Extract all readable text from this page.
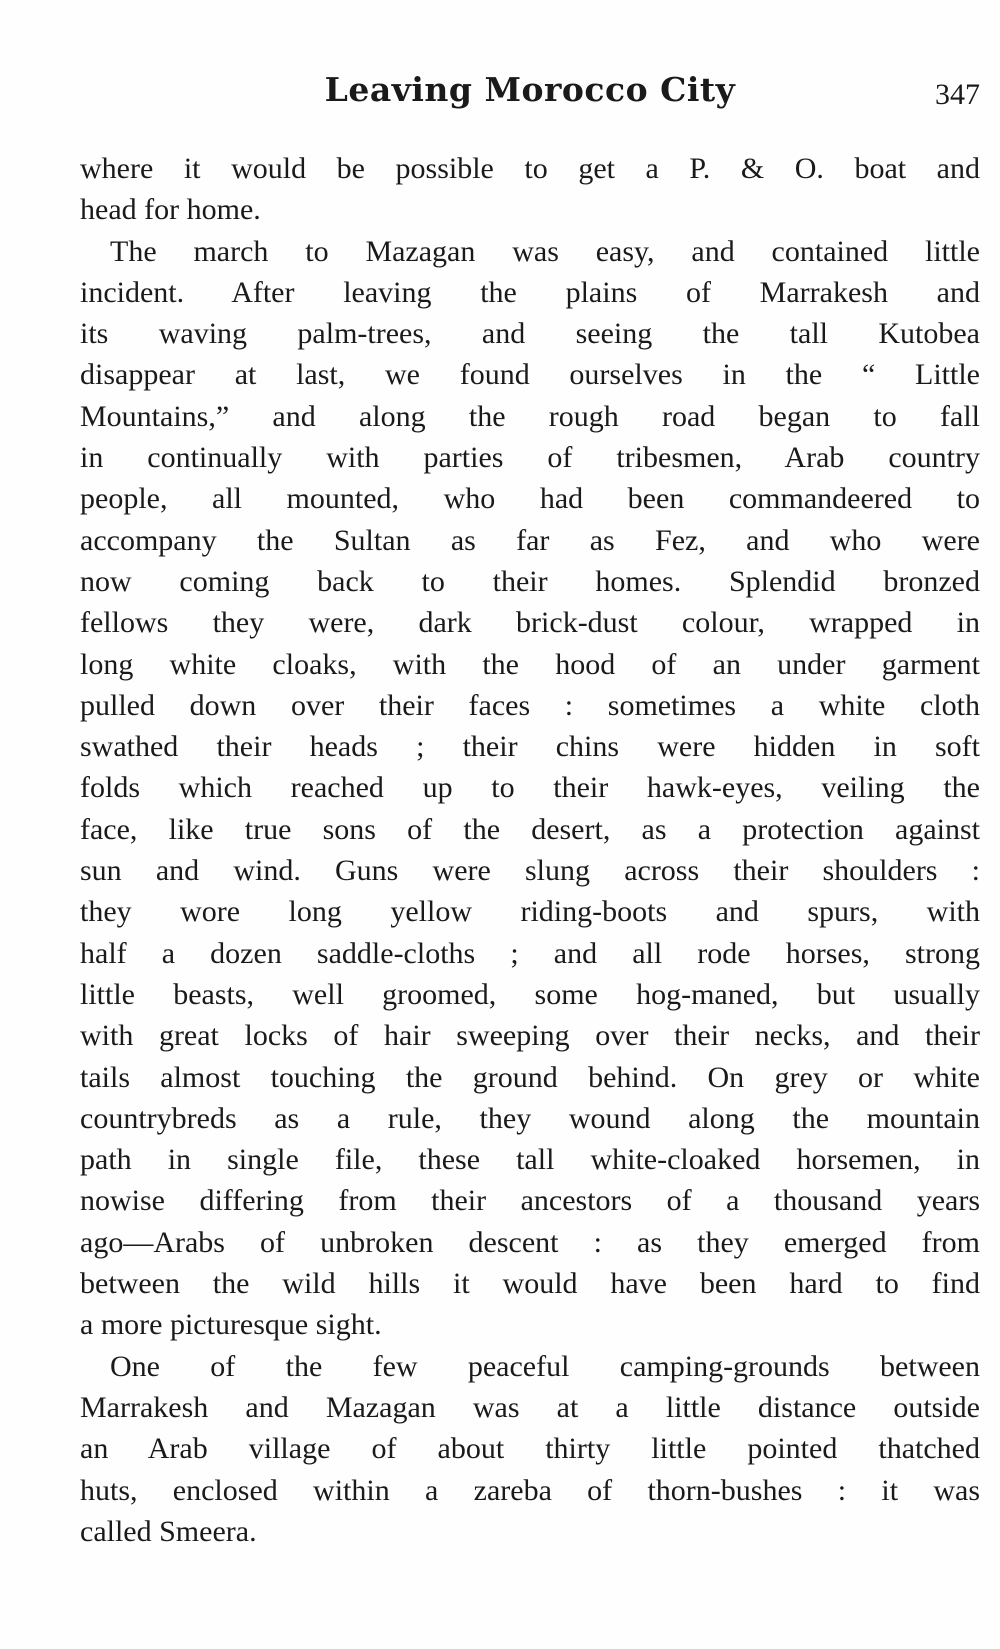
Leaving Morocco City	347
where it would be possible to get a P. & O. boat and
head for home.
The march to Mazagan was easy, and contained little
incident. After leaving the plains of Marrakesh and
its waving palm-trees, and seeing the tall Kutobea
disappear at last, we found ourselves in the “ Little
Mountains,” and along the rough road began to fall
in continually with parties of tribesmen, Arab country
people, all mounted, who had been commandeered to
accompany the Sultan as far as Fez, and who were
now coming back to their homes. Splendid bronzed
fellows they were, dark brick-dust colour, wrapped in
long white cloaks, with the hood of an under garment
pulled down over their faces : sometimes a white cloth
swathed their heads ; their chins were hidden in soft
folds which reached up to their hawk-eyes, veiling the
face, like true sons of the desert, as a protection against
sun and wind. Guns were slung across their shoulders :
they wore long yellow riding-boots and spurs, with
half a dozen saddle-cloths ; and all rode horses, strong
little beasts, well groomed, some hog-maned, but usually
with great locks of hair sweeping over their necks, and their
tails almost touching the ground behind. On grey or white
countrybreds as a rule, they wound along the mountain
path in single file, these tall white-cloaked horsemen, in
nowise differing from their ancestors of a thousand years
ago—Arabs of unbroken descent : as they emerged from
between the wild hills it would have been hard to find
a more picturesque sight.
One of the few peaceful camping-grounds between
Marrakesh and Mazagan was at a little distance outside
an Arab village of about thirty little pointed thatched
huts, enclosed within a zareba of thorn-bushes : it was
called Smeera.
